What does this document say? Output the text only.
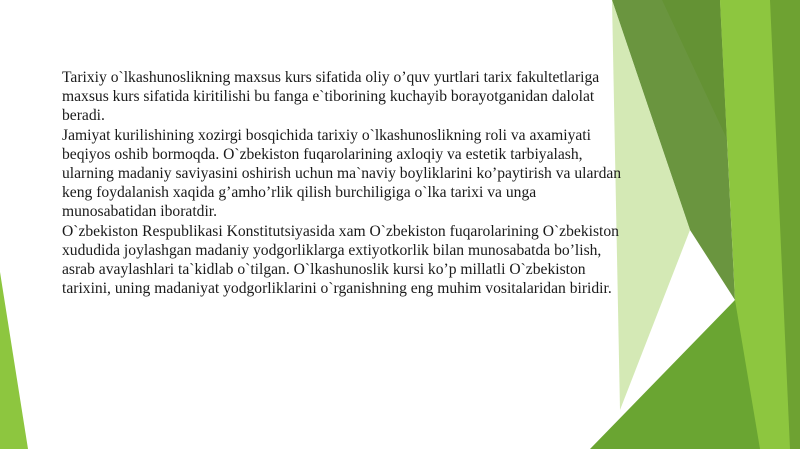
Tarixiy o`lkashunoslikning maxsus kurs sifatida oliy o’quv yurtlari tarix fakultetlariga maxsus kurs sifatida kiritilishi bu fanga e`tiborining kuchayib borayotganidan dalolat beradi.

Jamiyat kurilishining xozirgi bosqichida tarixiy o`lkashunoslikning roli va axamiyati beqiyos oshib bormoqda. O`zbekiston fuqarolarining axloqiy va estetik tarbiyalash, ularning madaniy saviyasini oshirish uchun ma`naviy boyliklarini ko’paytirish va ulardan keng foydalanish xaqida g’amho’rlik qilish burchiligiga o`lka tarixi va unga munosabatidan iboratdir.

O`zbekiston Respublikasi Konstitutsiyasida xam O`zbekiston fuqarolarining O`zbekiston xududida joylashgan madaniy yodgorliklarga extiyotkorlik bilan munosabatda bo’lish, asrab avaylashlari ta`kidlab o`tilgan. O`lkashunoslik kursi ko’p millatli O`zbekiston tarixini, uning madaniyat yodgorliklarini o`rganishning eng muhim vositalaridan biridir.
